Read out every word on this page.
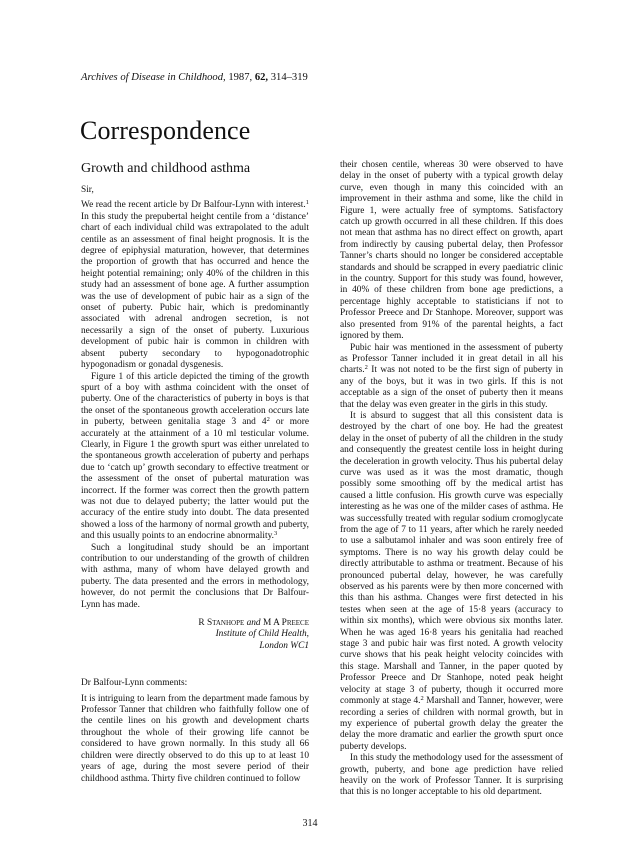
Archives of Disease in Childhood, 1987, 62, 314–319
Correspondence
Growth and childhood asthma
Sir,

We read the recent article by Dr Balfour-Lynn with interest.$^1$ In this study the prepubertal height centile from a ‘distance’ chart of each individual child was extrapolated to the adult centile as an assessment of final height prognosis. It is the degree of epiphysial maturation, however, that determines the proportion of growth that has occurred and hence the height potential remaining; only 40% of the children in this study had an assessment of bone age. A further assumption was the use of development of pubic hair as a sign of the onset of puberty. Pubic hair, which is predominantly associated with adrenal androgen secretion, is not necessarily a sign of the onset of puberty. Luxurious development of pubic hair is common in children with absent puberty secondary to hypogonadotrophic hypogonadism or gonadal dysgenesis.

Figure 1 of this article depicted the timing of the growth spurt of a boy with asthma coincident with the onset of puberty. One of the characteristics of puberty in boys is that the onset of the spontaneous growth acceleration occurs late in puberty, between genitalia stage 3 and $4^2$ or more accurately at the attainment of a 10 ml testicular volume. Clearly, in Figure 1 the growth spurt was either unrelated to the spontaneous growth acceleration of puberty and perhaps due to ‘catch up’ growth secondary to effective treatment or the assessment of the onset of pubertal maturation was incorrect. If the former was correct then the growth pattern was not due to delayed puberty; the latter would put the accuracy of the entire study into doubt. The data presented showed a loss of the harmony of normal growth and puberty, and this usually points to an endocrine abnormality.$^3$

Such a longitudinal study should be an important contribution to our understanding of the growth of children with asthma, many of whom have delayed growth and puberty. The data presented and the errors in methodology, however, do not permit the conclusions that Dr Balfour-Lynn has made.

R Stanhope and M A Preece
Institute of Child Health,
London WC1
Dr Balfour-Lynn comments:

It is intriguing to learn from the department made famous by Professor Tanner that children who faithfully follow one of the centile lines on his growth and development charts throughout the whole of their growing life cannot be considered to have grown normally. In this study all 66 children were directly observed to do this up to at least 10 years of age, during the most severe period of their childhood asthma. Thirty five children continued to follow

their chosen centile, whereas 30 were observed to have delay in the onset of puberty with a typical growth delay curve, even though in many this coincided with an improvement in their asthma and some, like the child in Figure 1, were actually free of symptoms. Satisfactory catch up growth occurred in all these children. If this does not mean that asthma has no direct effect on growth, apart from indirectly by causing pubertal delay, then Professor Tanner’s charts should no longer be considered acceptable standards and should be scrapped in every paediatric clinic in the country. Support for this study was found, however, in 40% of these children from bone age predictions, a percentage highly acceptable to statisticians if not to Professor Preece and Dr Stanhope. Moreover, support was also presented from 91% of the parental heights, a fact ignored by them.

Pubic hair was mentioned in the assessment of puberty as Professor Tanner included it in great detail in all his charts.$^2$ It was not noted to be the first sign of puberty in any of the boys, but it was in two girls. If this is not acceptable as a sign of the onset of puberty then it means that the delay was even greater in the girls in this study.

It is absurd to suggest that all this consistent data is destroyed by the chart of one boy. He had the greatest delay in the onset of puberty of all the children in the study and consequently the greatest centile loss in height during the deceleration in growth velocity. Thus his pubertal delay curve was used as it was the most dramatic, though possibly some smoothing off by the medical artist has caused a little confusion. His growth curve was especially interesting as he was one of the milder cases of asthma. He was successfully treated with regular sodium cromoglycate from the age of 7 to 11 years, after which he rarely needed to use a salbutamol inhaler and was soon entirely free of symptoms. There is no way his growth delay could be directly attributable to asthma or treatment. Because of his pronounced pubertal delay, however, he was carefully observed as his parents were by then more concerned with this than his asthma. Changes were first detected in his testes when seen at the age of 15·8 years (accuracy to within six months), which were obvious six months later. When he was aged 16·8 years his genitalia had reached stage 3 and pubic hair was first noted. A growth velocity curve shows that his peak height velocity coincides with this stage. Marshall and Tanner, in the paper quoted by Professor Preece and Dr Stanhope, noted peak height velocity at stage 3 of puberty, though it occurred more commonly at stage 4.$^2$ Marshall and Tanner, however, were recording a series of children with normal growth, but in my experience of pubertal growth delay the greater the delay the more dramatic and earlier the growth spurt once puberty develops.

In this study the methodology used for the assessment of growth, puberty, and bone age prediction have relied heavily on the work of Professor Tanner. It is surprising that this is no longer acceptable to his old department.

314
